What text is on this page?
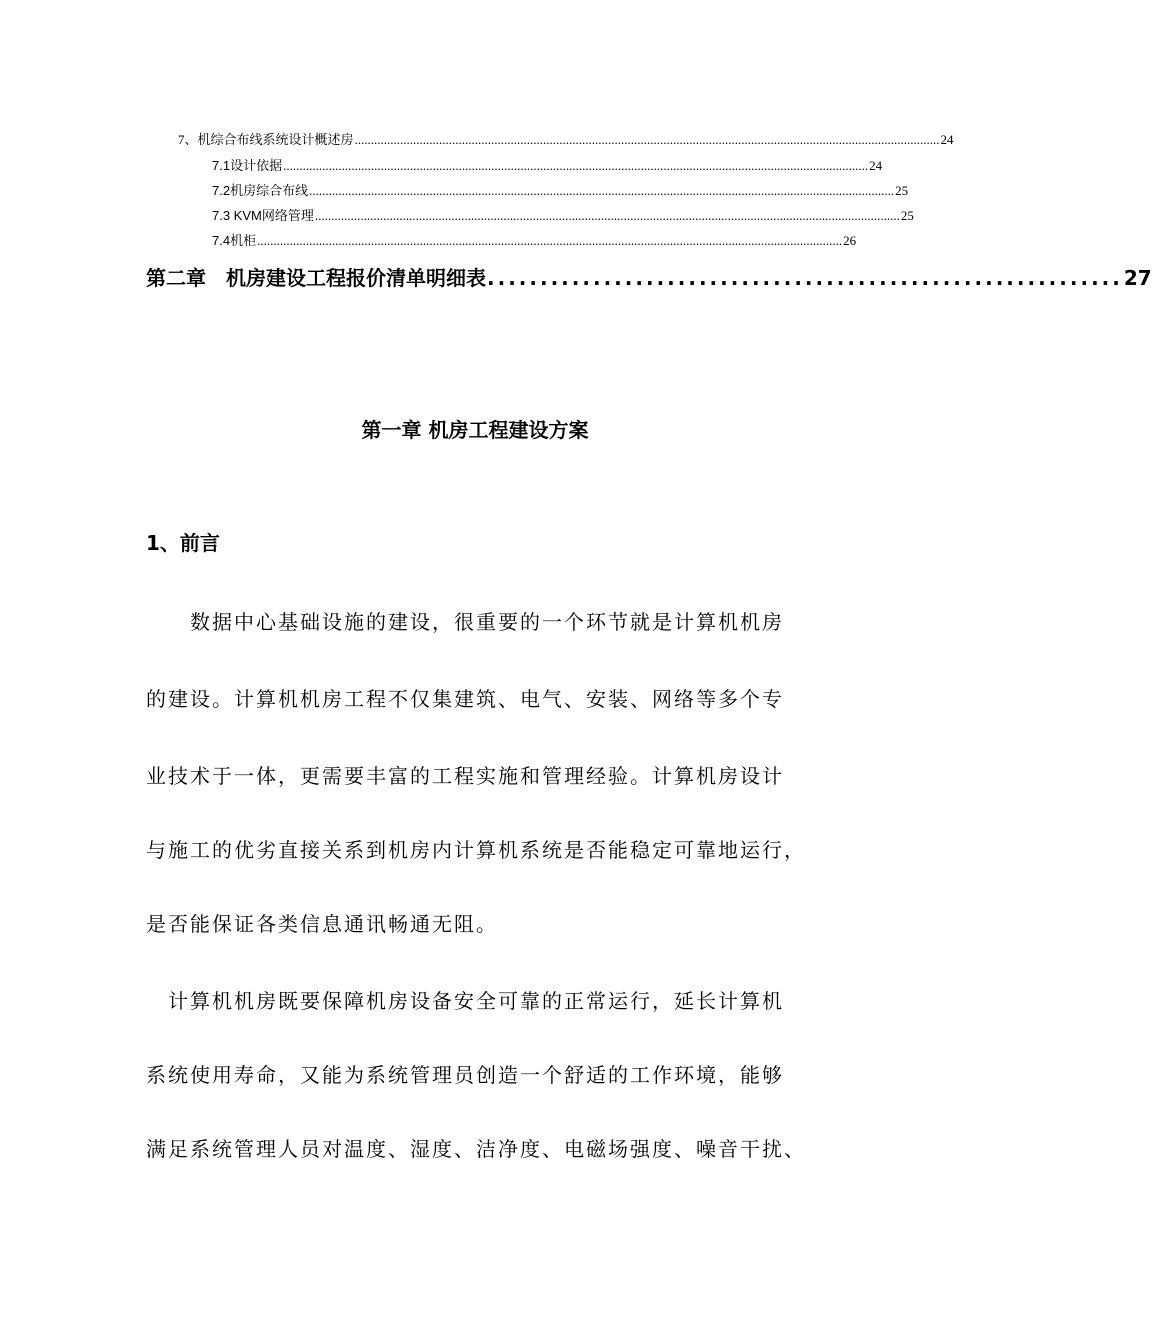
7、机综合布线系统设计概述房 .................................................................................................................................................................................... 24
7.1设计依据 .................................................................................................................................................................................... 24
7.2机房综合布线 .................................................................................................................................................................................... 25
7.3 KVM网络管理 .................................................................................................................................................................................... 25
7.4机柜 .................................................................................................................................................................................... 26
第二章　机房建设工程报价清单明细表 ............................................................ 27
第一章 机房工程建设方案
1、前言
数据中心基础设施的建设，很重要的一个环节就是计算机机房
的建设。计算机机房工程不仅集建筑、电气、安装、网络等多个专
业技术于一体，更需要丰富的工程实施和管理经验。计算机房设计
与施工的优劣直接关系到机房内计算机系统是否能稳定可靠地运行，
是否能保证各类信息通讯畅通无阻。
计算机机房既要保障机房设备安全可靠的正常运行，延长计算机
系统使用寿命，又能为系统管理员创造一个舒适的工作环境，能够
满足系统管理人员对温度、湿度、洁净度、电磁场强度、噪音干扰、
